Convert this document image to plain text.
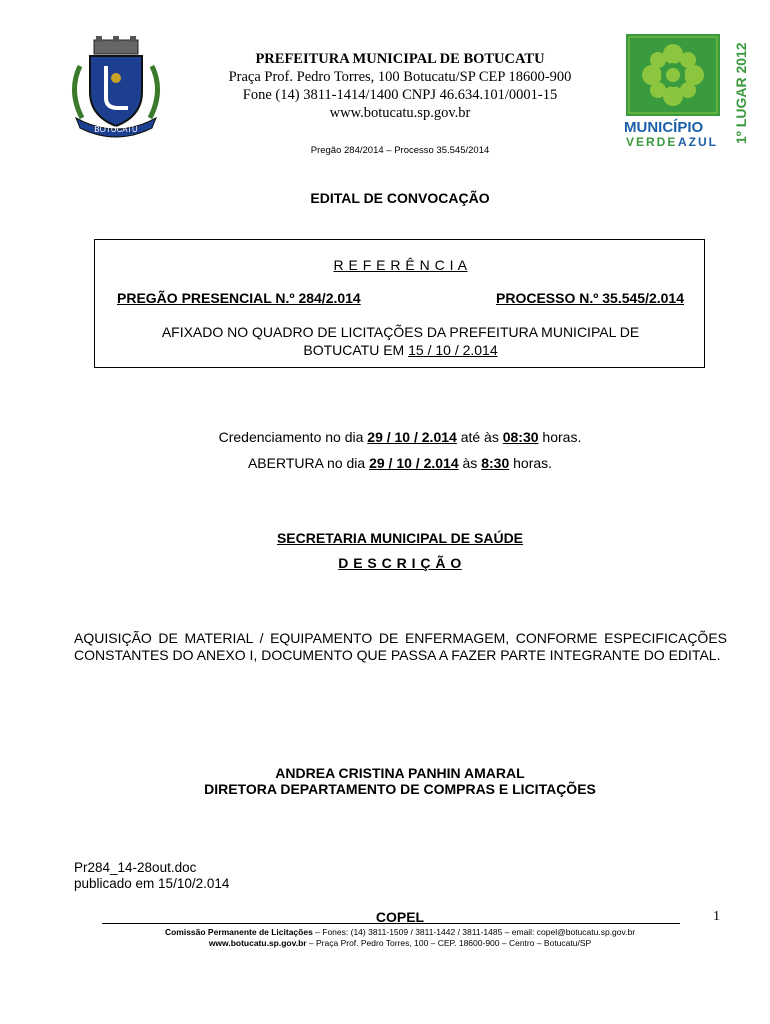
BOTUCATU
PREFEITURA MUNICIPAL DE BOTUCATU
Praça Prof. Pedro Torres, 100 Botucatu/SP CEP 18600-900
Fone (14) 3811-1414/1400 CNPJ 46.634.101/0001-15
www.botucatu.sp.gov.br
Pregão 284/2014 – Processo 35.545/2014
MUNICÍPIO
VERDE AZUL 1º LUGAR 2012
EDITAL DE CONVOCAÇÃO
R E F E R Ê N C I A
PREGÃO PRESENCIAL N.º 284/2.014	PROCESSO N.º 35.545/2.014
AFIXADO NO QUADRO DE LICITAÇÕES DA PREFEITURA MUNICIPAL DE
BOTUCATU EM 15 / 10 / 2.014
Credenciamento no dia 29 / 10 / 2.014 até às 08:30 horas.
ABERTURA no dia 29 / 10 / 2.014 às 8:30 horas.
SECRETARIA MUNICIPAL DE SAÚDE
D E S C R I Ç Ã O
AQUISIÇÃO DE MATERIAL / EQUIPAMENTO DE ENFERMAGEM, CONFORME ESPECIFICAÇÕES CONSTANTES DO ANEXO I, DOCUMENTO QUE PASSA A FAZER PARTE INTEGRANTE DO EDITAL.
ANDREA CRISTINA PANHIN AMARAL
DIRETORA DEPARTAMENTO DE COMPRAS E LICITAÇÕES
Pr284_14-28out.doc
publicado em 15/10/2.014
COPEL	1
Comissão Permanente de Licitações – Fones: (14) 3811-1509 / 3811-1442 / 3811-1485 – email: copel@botucatu.sp.gov.br
www.botucatu.sp.gov.br – Praça Prof. Pedro Torres, 100 – CEP. 18600-900 – Centro – Botucatu/SP
